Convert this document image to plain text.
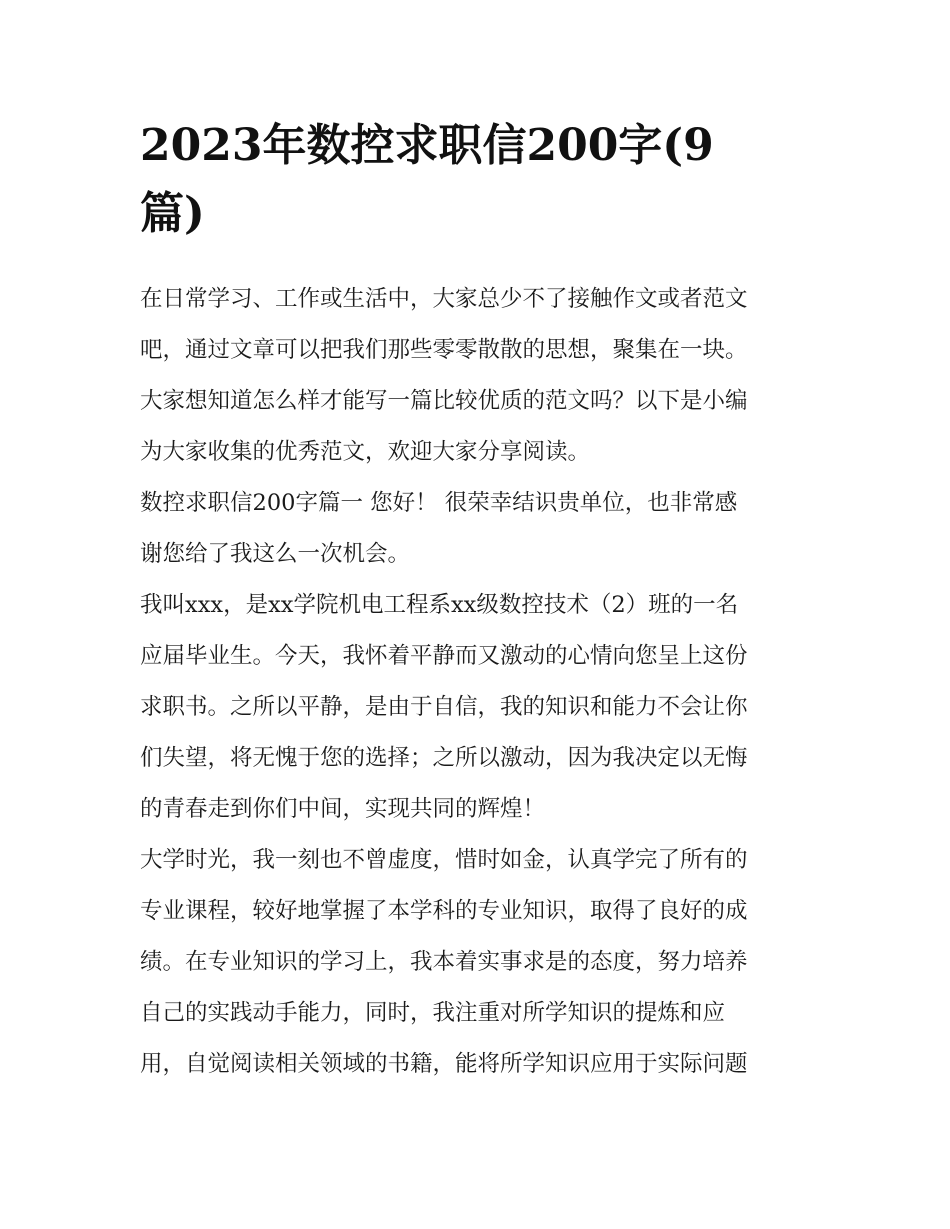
2023年数控求职信200字(9
篇)
在日常学习、工作或生活中，大家总少不了接触作文或者范文
吧，通过文章可以把我们那些零零散散的思想，聚集在一块。
大家想知道怎么样才能写一篇比较优质的范文吗？以下是小编
为大家收集的优秀范文，欢迎大家分享阅读。
数控求职信200字篇一 您好！ 很荣幸结识贵单位，也非常感
谢您给了我这么一次机会。
我叫xxx，是xx学院机电工程系xx级数控技术（2）班的一名
应届毕业生。今天，我怀着平静而又激动的心情向您呈上这份
求职书。之所以平静，是由于自信，我的知识和能力不会让你
们失望，将无愧于您的选择；之所以激动，因为我决定以无悔
的青春走到你们中间，实现共同的辉煌！
大学时光，我一刻也不曾虚度，惜时如金，认真学完了所有的
专业课程，较好地掌握了本学科的专业知识，取得了良好的成
绩。在专业知识的学习上，我本着实事求是的态度，努力培养
自己的实践动手能力，同时，我注重对所学知识的提炼和应
用，自觉阅读相关领域的书籍，能将所学知识应用于实际问题
